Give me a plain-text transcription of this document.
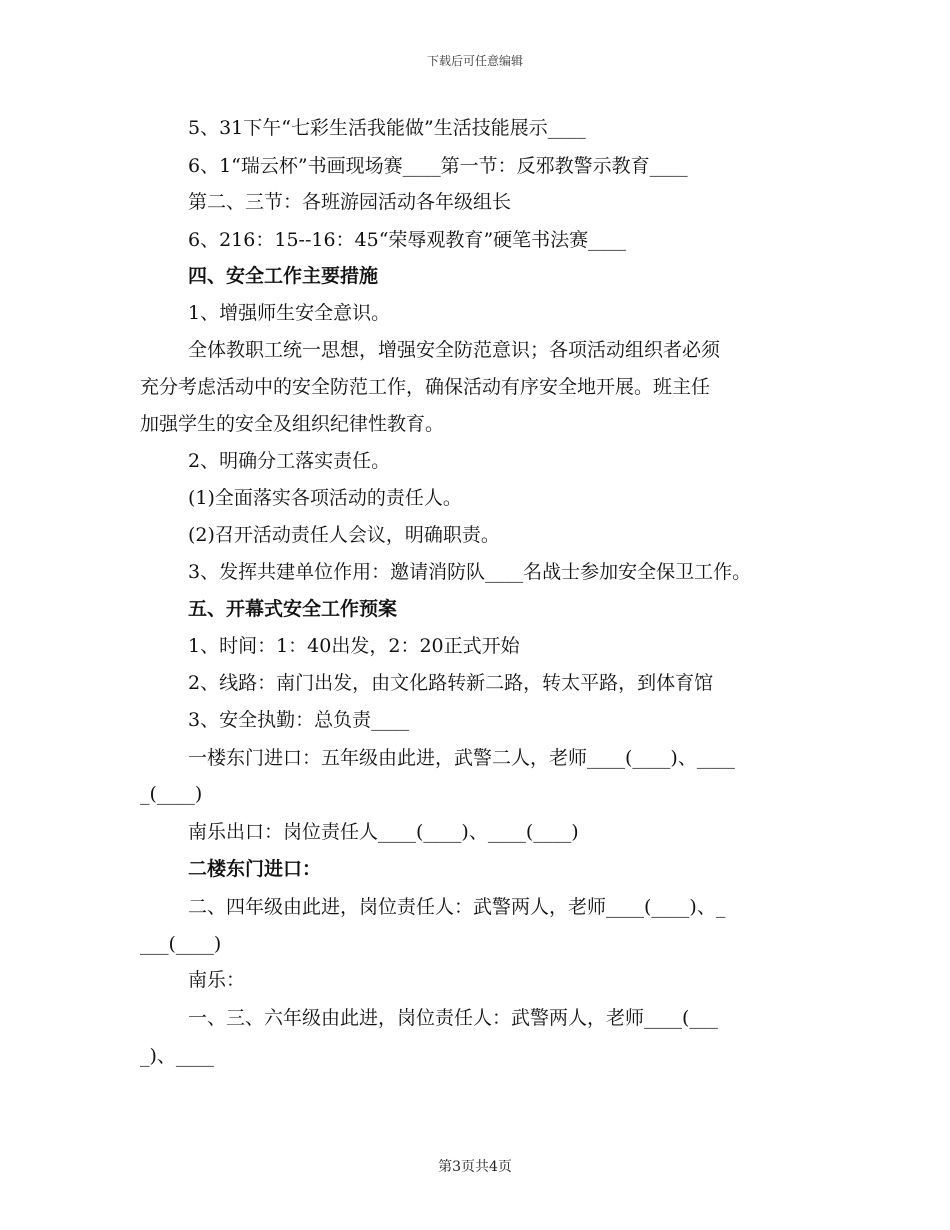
下载后可任意编辑
5、31下午“七彩生活我能做”生活技能展示____
6、1“瑞云杯”书画现场赛____第一节：反邪教警示教育____
第二、三节：各班游园活动各年级组长
6、216：15--16：45“荣辱观教育”硬笔书法赛____
四、安全工作主要措施
1、增强师生安全意识。
全体教职工统一思想，增强安全防范意识；各项活动组织者必须
充分考虑活动中的安全防范工作，确保活动有序安全地开展。班主任
加强学生的安全及组织纪律性教育。
2、明确分工落实责任。
(1)全面落实各项活动的责任人。
(2)召开活动责任人会议，明确职责。
3、发挥共建单位作用：邀请消防队____名战士参加安全保卫工作。
五、开幕式安全工作预案
1、时间：1：40出发，2：20正式开始
2、线路：南门出发，由文化路转新二路，转太平路，到体育馆
3、安全执勤：总负责____
一楼东门进口：五年级由此进，武警二人，老师____(____)、____
_(____)
南乐出口：岗位责任人____(____)、____(____)
二楼东门进口：
二、四年级由此进，岗位责任人：武警两人，老师____(____)、_
___(____)
南乐：
一、三、六年级由此进，岗位责任人：武警两人，老师____(___
_)、____
第3页共4页
